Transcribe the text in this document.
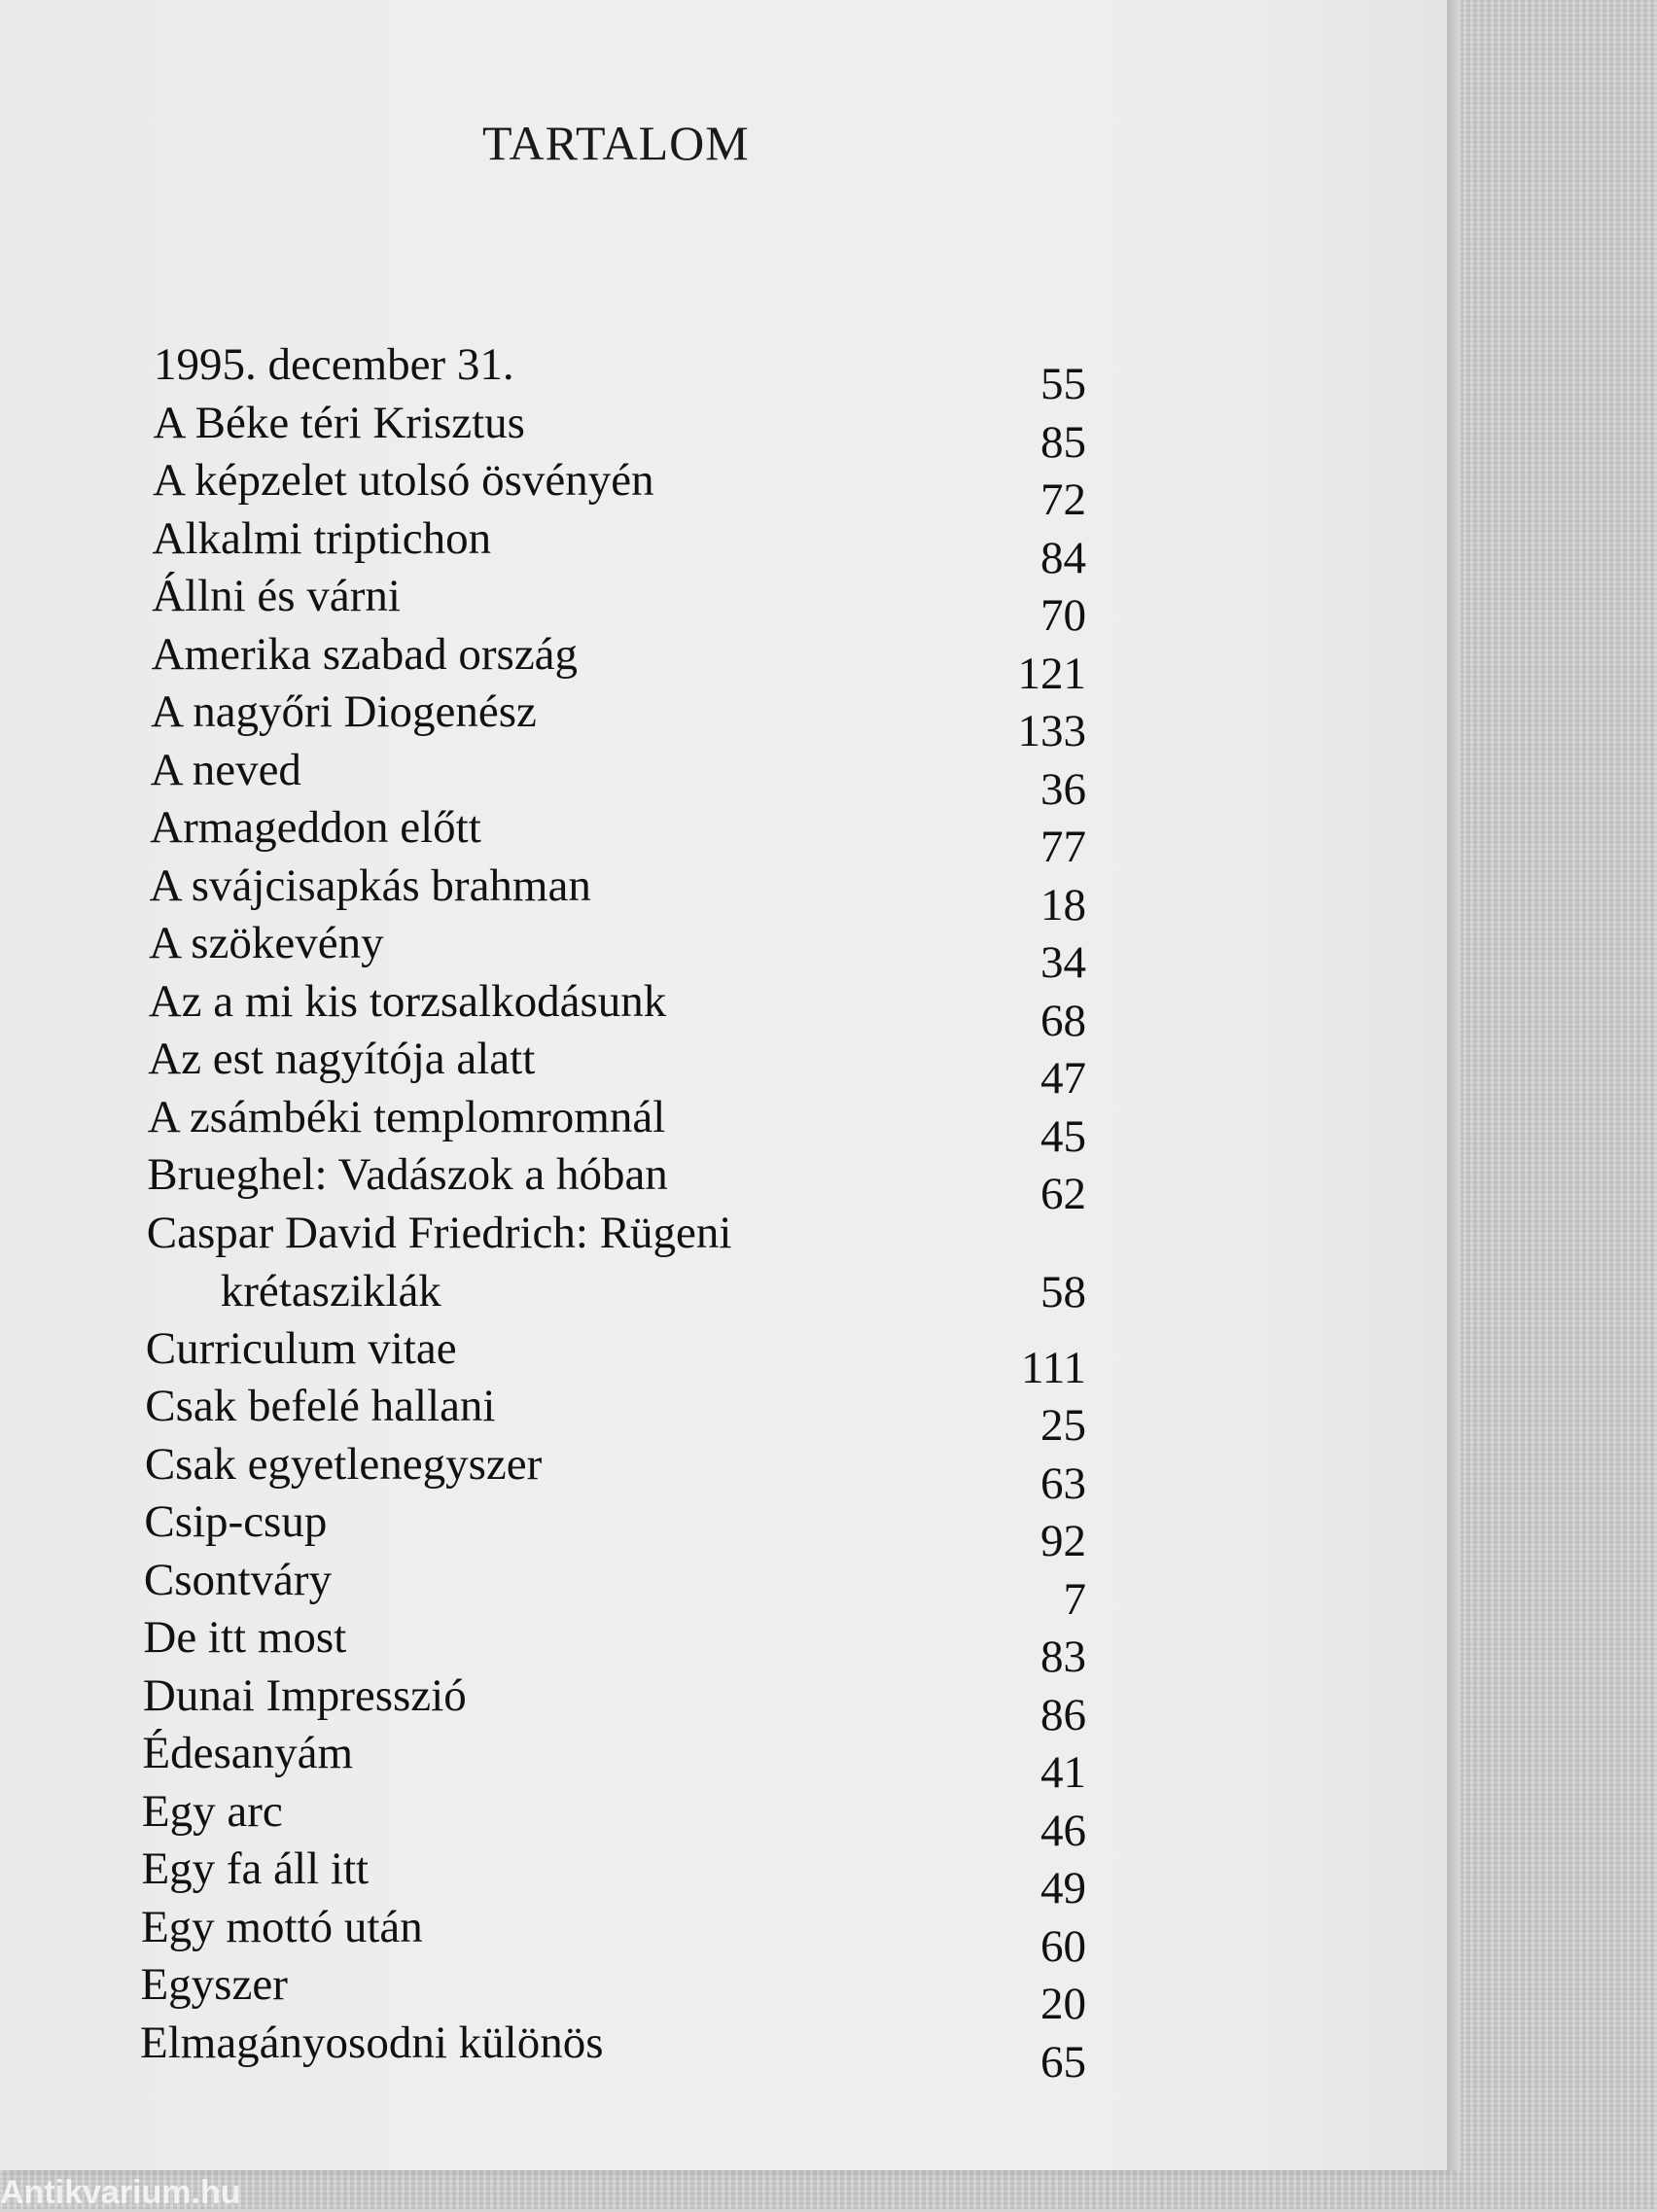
TARTALOM
1995. december 31.	55
A Béke téri Krisztus	85
A képzelet utolsó ösvényén	72
Alkalmi triptichon	84
Állni és várni	70
Amerika szabad ország	121
A nagyőri Diogenész	133
A neved	36
Armageddon előtt	77
A svájcisapkás brahman	18
A szökevény	34
Az a mi kis torzsalkodásunk	68
Az est nagyítója alatt	47
A zsámbéki templomromnál	45
Brueghel: Vadászok a hóban	62
Caspar David Friedrich: Rügeni
krétasziklák	58
Curriculum vitae	111
Csak befelé hallani	25
Csak egyetlenegyszer	63
Csip-csup	92
Csontváry	7
De itt most	83
Dunai Impresszió	86
Édesanyám	41
Egy arc	46
Egy fa áll itt	49
Egy mottó után	60
Egyszer	20
Elmagányosodni különös	65
Antikvarium.hu
